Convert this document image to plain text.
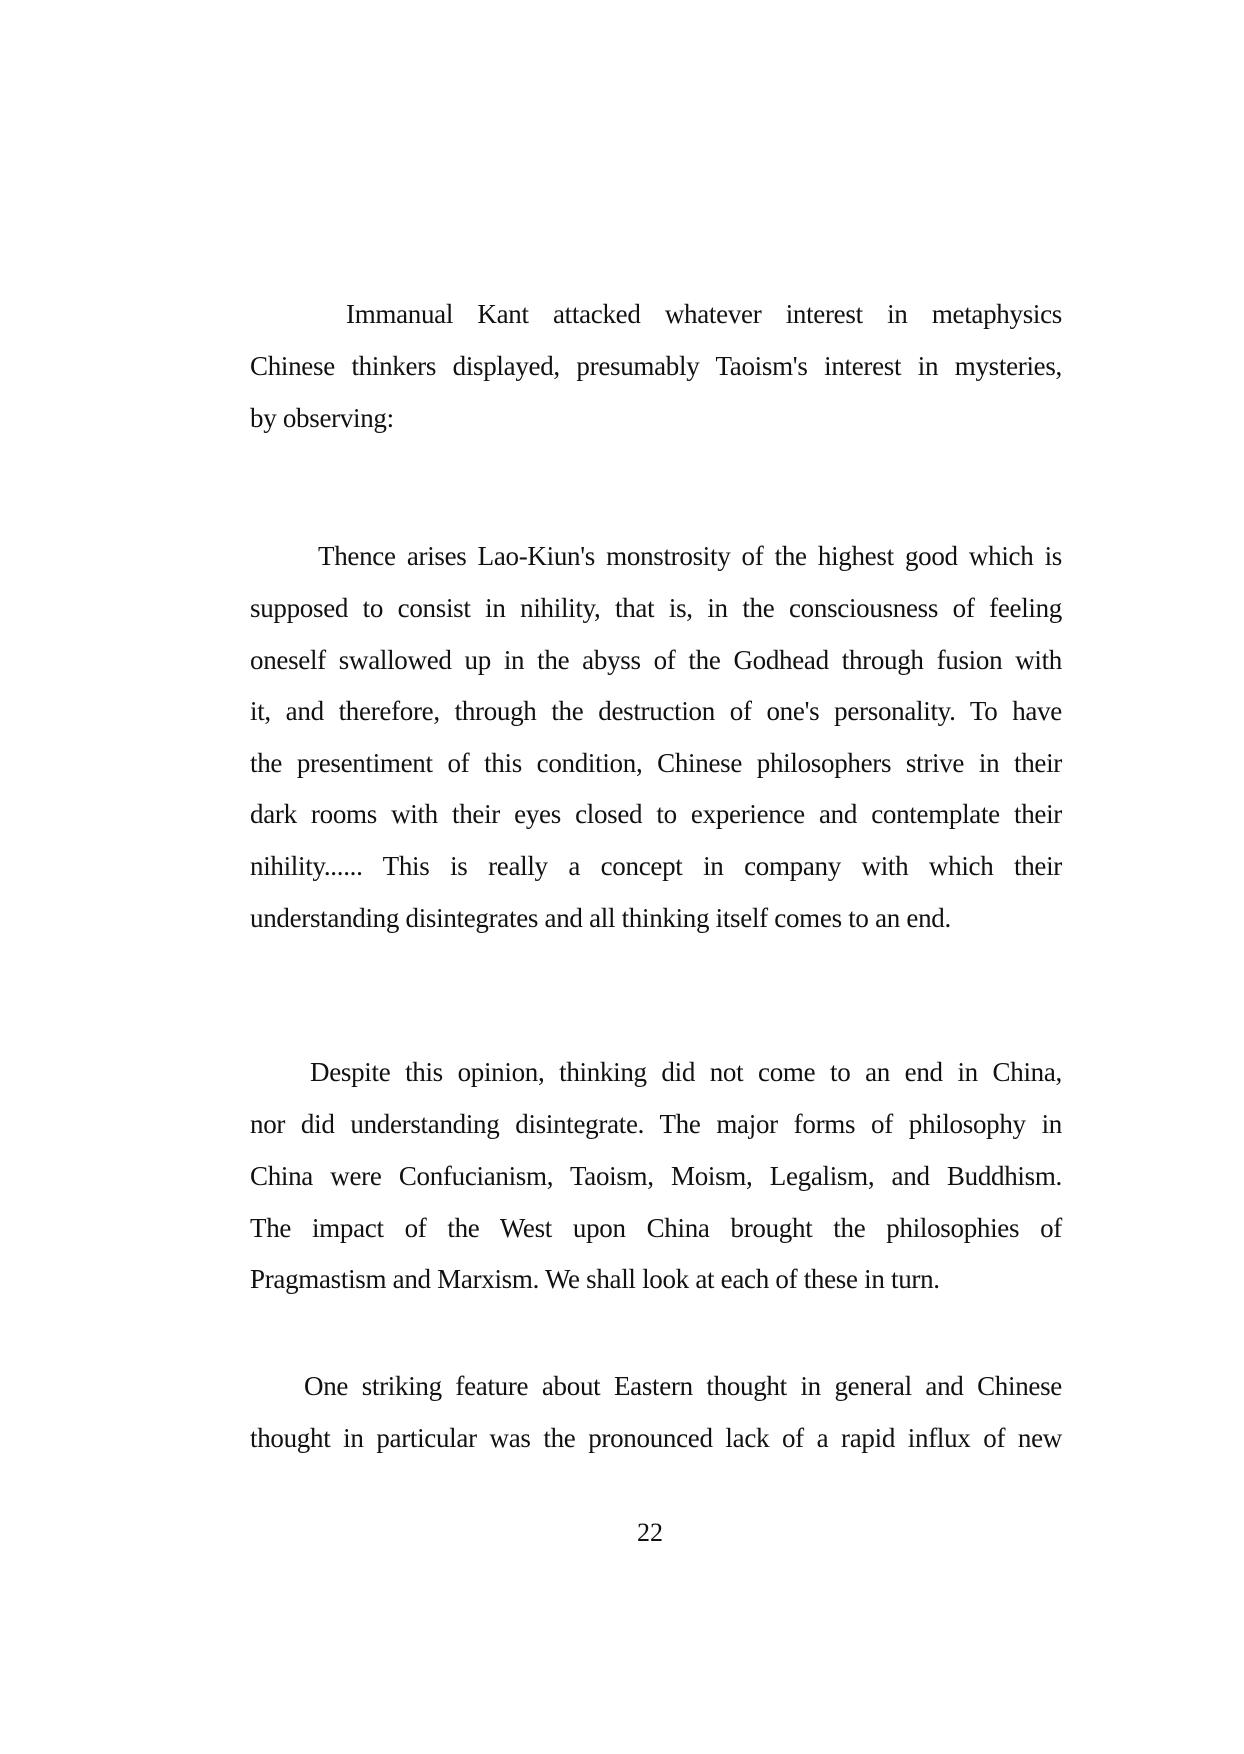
Immanual Kant attacked whatever interest in metaphysics
Chinese thinkers displayed, presumably Taoism's interest in mysteries,
by observing:
Thence arises Lao-Kiun's monstrosity of the highest good which is
supposed to consist in nihility, that is, in the consciousness of feeling
oneself swallowed up in the abyss of the Godhead through fusion with
it, and therefore, through the destruction of one's personality. To have
the presentiment of this condition, Chinese philosophers strive in their
dark rooms with their eyes closed to experience and contemplate their
nihility...... This is really a concept in company with which their
understanding disintegrates and all thinking itself comes to an end.
Despite this opinion, thinking did not come to an end in China,
nor did understanding disintegrate. The major forms of philosophy in
China were Confucianism, Taoism, Moism, Legalism, and Buddhism.
The impact of the West upon China brought the philosophies of
Pragmastism and Marxism. We shall look at each of these in turn.
One striking feature about Eastern thought in general and Chinese
thought in particular was the pronounced lack of a rapid influx of new
22
